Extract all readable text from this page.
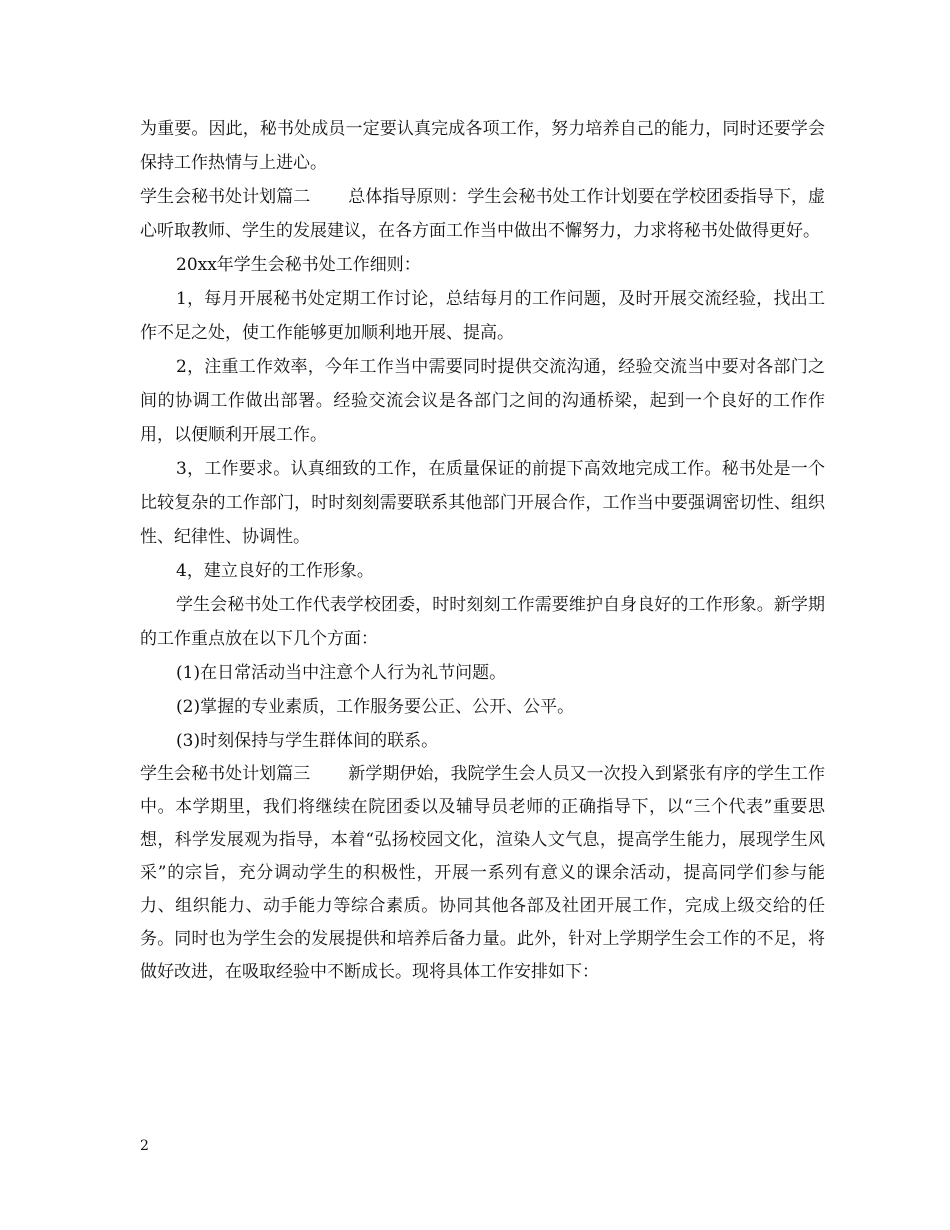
为重要。因此，秘书处成员一定要认真完成各项工作，努力培养自己的能力，同时还要学会保持工作热情与上进心。

学生会秘书处计划篇二 总体指导原则：学生会秘书处工作计划要在学校团委指导下，虚心听取教师、学生的发展建议，在各方面工作当中做出不懈努力，力求将秘书处做得更好。

20xx年学生会秘书处工作细则：

1，每月开展秘书处定期工作讨论，总结每月的工作问题，及时开展交流经验，找出工作不足之处，使工作能够更加顺利地开展、提高。

2，注重工作效率，今年工作当中需要同时提供交流沟通，经验交流当中要对各部门之间的协调工作做出部署。经验交流会议是各部门之间的沟通桥梁，起到一个良好的工作作用，以便顺利开展工作。

3，工作要求。认真细致的工作，在质量保证的前提下高效地完成工作。秘书处是一个比较复杂的工作部门，时时刻刻需要联系其他部门开展合作，工作当中要强调密切性、组织性、纪律性、协调性。

4，建立良好的工作形象。

学生会秘书处工作代表学校团委，时时刻刻工作需要维护自身良好的工作形象。新学期的工作重点放在以下几个方面：

(1)在日常活动当中注意个人行为礼节问题。

(2)掌握的专业素质，工作服务要公正、公开、公平。

(3)时刻保持与学生群体间的联系。

学生会秘书处计划篇三 新学期伊始，我院学生会人员又一次投入到紧张有序的学生工作中。本学期里，我们将继续在院团委以及辅导员老师的正确指导下，以“三个代表”重要思想，科学发展观为指导，本着“弘扬校园文化，渲染人文气息，提高学生能力，展现学生风采”的宗旨，充分调动学生的积极性，开展一系列有意义的课余活动，提高同学们参与能力、组织能力、动手能力等综合素质。协同其他各部及社团开展工作，完成上级交给的任务。同时也为学生会的发展提供和培养后备力量。此外，针对上学期学生会工作的不足，将做好改进，在吸取经验中不断成长。现将具体工作安排如下：

2
